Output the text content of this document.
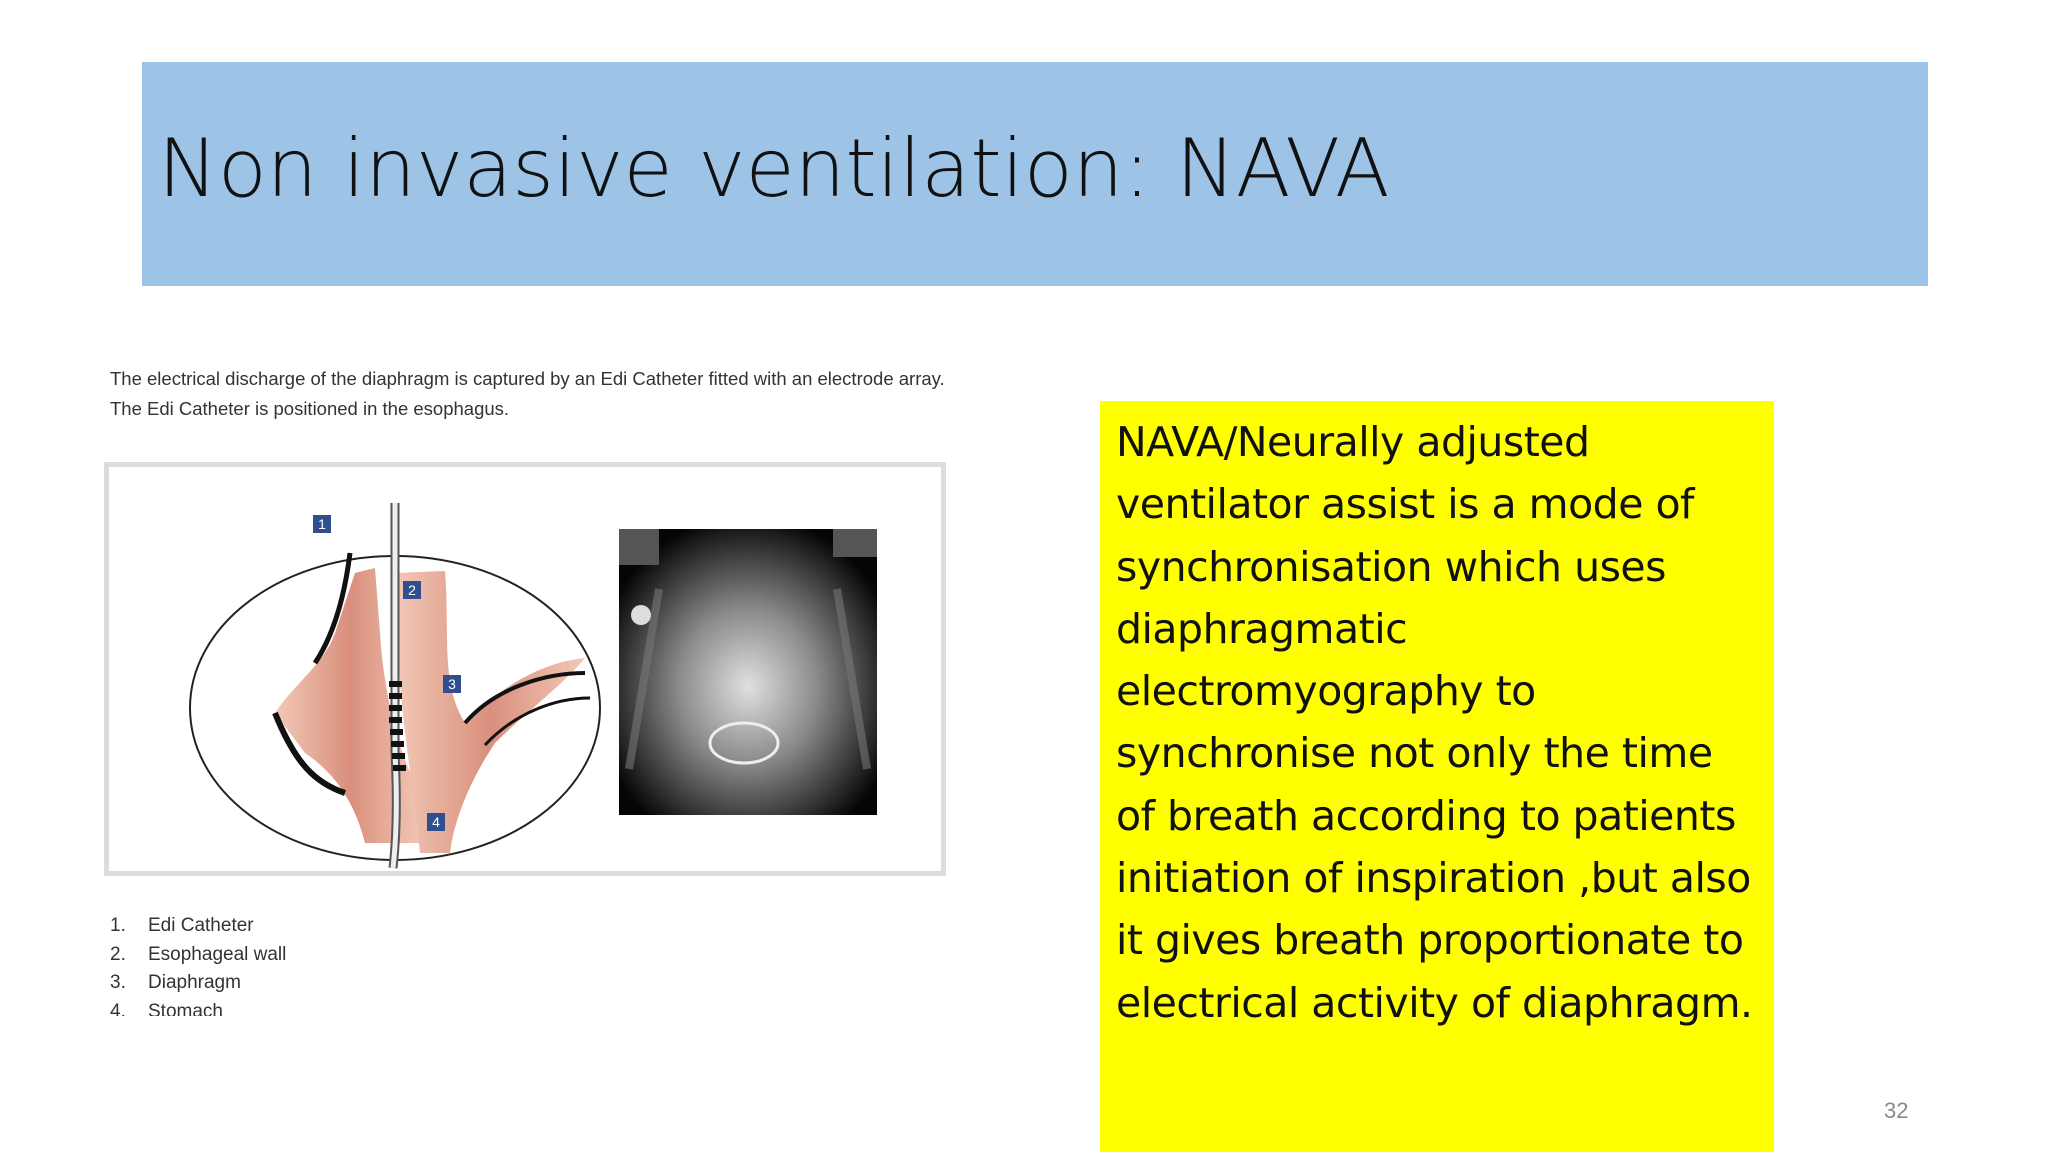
Non invasive ventilation: NAVA
The electrical discharge of the diaphragm is captured by an Edi Catheter fitted with an electrode array. The Edi Catheter is positioned in the esophagus.
1
2
3
4
1.	Edi Catheter
2.	Esophageal wall
3.	Diaphragm
4.	Stomach
NAVA/Neurally adjusted ventilator assist is a mode of synchronisation which uses diaphragmatic electromyography to synchronise not only the time of breath according to patients initiation of inspiration ,but also it gives breath proportionate to electrical activity of diaphragm.
32
